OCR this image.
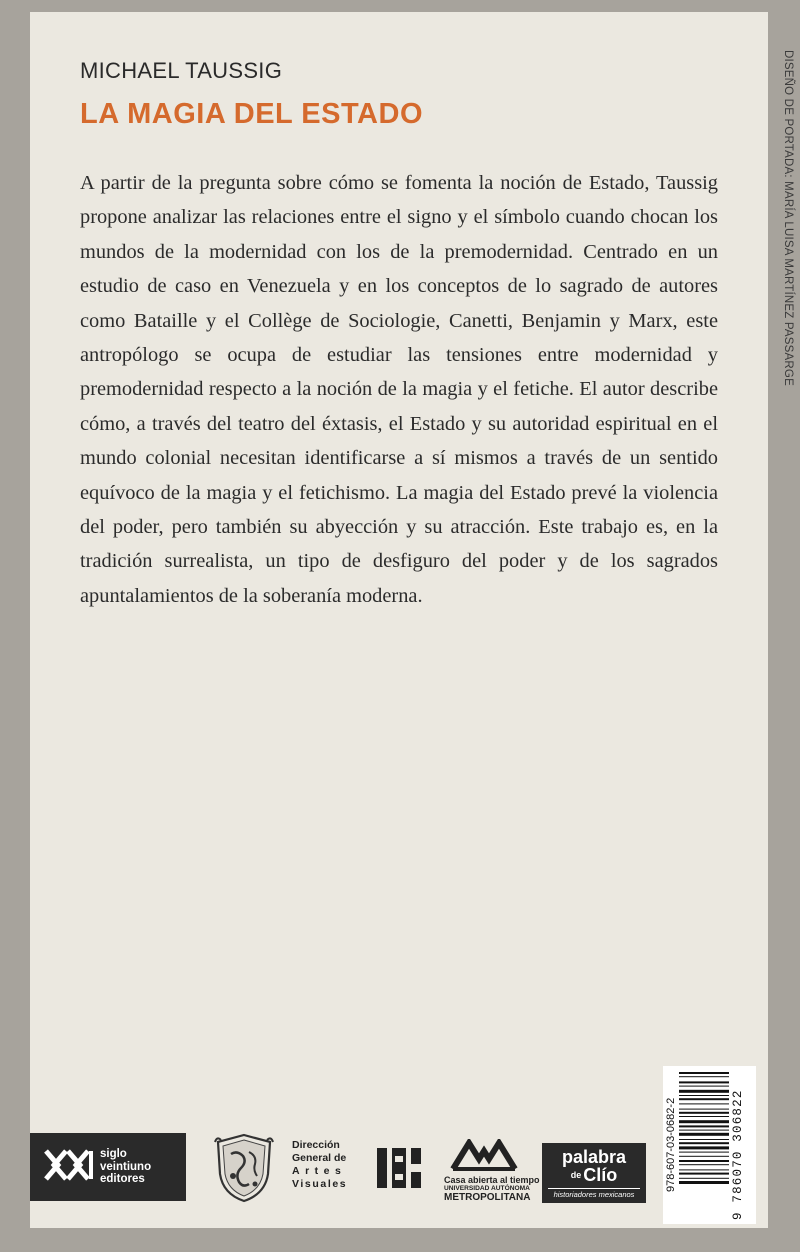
MICHAEL TAUSSIG
LA MAGIA DEL ESTADO

A partir de la pregunta sobre cómo se fomenta la noción de Estado, Taussig propone analizar las relaciones entre el signo y el símbolo cuando chocan los mundos de la modernidad con los de la premodernidad. Centrado en un estudio de caso en Venezuela y en los conceptos de lo sagrado de autores como Bataille y el Collège de Sociologie, Canetti, Benjamin y Marx, este antropólogo se ocupa de estudiar las tensiones entre modernidad y premodernidad respecto a la noción de la magia y el fetiche. El autor describe cómo, a través del teatro del éxtasis, el Estado y su autoridad espiritual en el mundo colonial necesitan identificarse a sí mismos a través de un sentido equívoco de la magia y el fetichismo. La magia del Estado prevé la violencia del poder, pero también su abyección y su atracción. Este trabajo es, en la tradición surrealista, un tipo de desfiguro del poder y de los sagrados apuntalamientos de la soberanía moderna.

DISEÑO DE PORTADA: MARÍA LUISA MARTÍNEZ PASSARGE
siglo
veintiuno
editores
Dirección
General de
Artes
Visuales	Casa abierta al tiempo
UNIVERSIDAD AUTÓNOMA
METROPOLITANA
palabra
$^{de}$ Clío
historiadores mexicanos
978-607-03-0682-2	9 786070 306822
